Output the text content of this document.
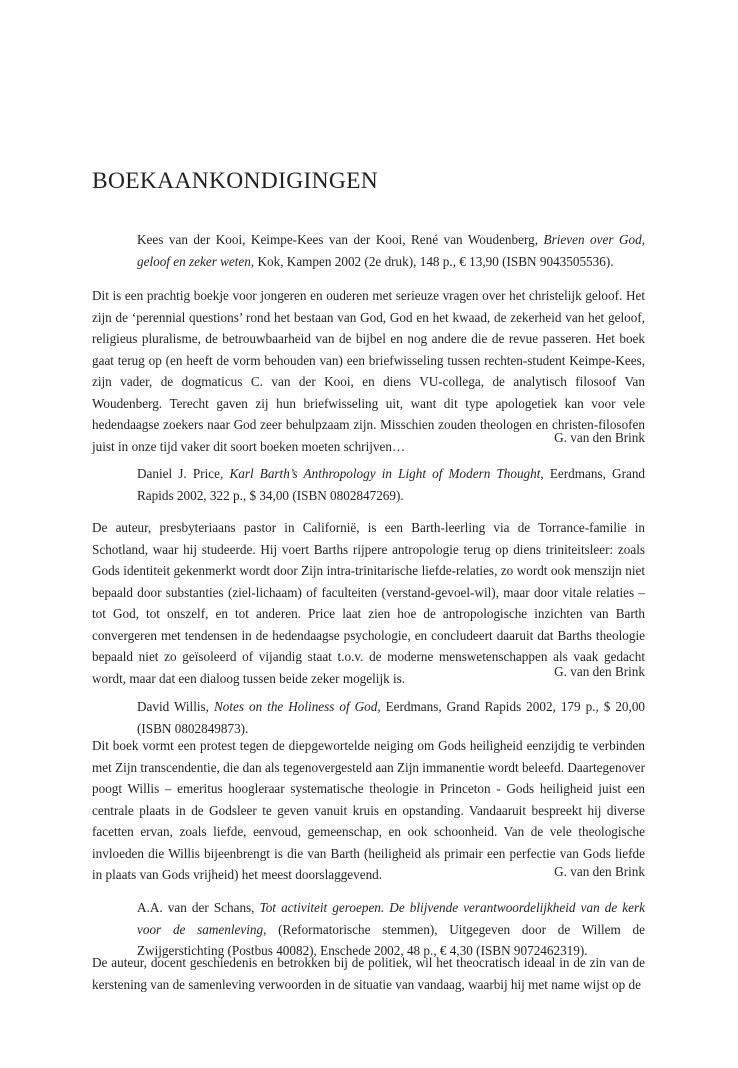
BOEKAANKONDIGINGEN

Kees van der Kooi, Keimpe-Kees van der Kooi, René van Woudenberg, Brieven over God, geloof en zeker weten, Kok, Kampen 2002 (2e druk), 148 p., € 13,90 (ISBN 9043505536).

Dit is een prachtig boekje voor jongeren en ouderen met serieuze vragen over het christelijk geloof. Het zijn de ‘perennial questions’ rond het bestaan van God, God en het kwaad, de zekerheid van het geloof, religieus pluralisme, de betrouwbaarheid van de bijbel en nog andere die de revue passeren. Het boek gaat terug op (en heeft de vorm behouden van) een briefwisseling tussen rechten-student Keimpe-Kees, zijn vader, de dogmaticus C. van der Kooi, en diens VU-collega, de analytisch filosoof Van Woudenberg. Terecht gaven zij hun briefwisseling uit, want dit type apologetiek kan voor vele hedendaagse zoekers naar God zeer behulpzaam zijn. Misschien zouden theologen en christen-filosofen juist in onze tijd vaker dit soort boeken moeten schrijven…

G. van den Brink

Daniel J. Price, Karl Barth’s Anthropology in Light of Modern Thought, Eerdmans, Grand Rapids 2002, 322 p., $ 34,00 (ISBN 0802847269).

De auteur, presbyteriaans pastor in Californië, is een Barth-leerling via de Torrance-familie in Schotland, waar hij studeerde. Hij voert Barths rijpere antropologie terug op diens triniteitsleer: zoals Gods identiteit gekenmerkt wordt door Zijn intra-trinitarische liefde-relaties, zo wordt ook menszijn niet bepaald door substanties (ziel-lichaam) of faculteiten (verstand-gevoel-wil), maar door vitale relaties – tot God, tot onszelf, en tot anderen. Price laat zien hoe de antropologische inzichten van Barth convergeren met tendensen in de hedendaagse psychologie, en concludeert daaruit dat Barths theologie bepaald niet zo geïsoleerd of vijandig staat t.o.v. de moderne menswetenschappen als vaak gedacht wordt, maar dat een dialoog tussen beide zeker mogelijk is.	G. van den Brink

David Willis, Notes on the Holiness of God, Eerdmans, Grand Rapids 2002, 179 p., $ 20,00 (ISBN 0802849873).

Dit boek vormt een protest tegen de diepgewortelde neiging om Gods heiligheid eenzijdig te verbinden met Zijn transcendentie, die dan als tegenovergesteld aan Zijn immanentie wordt beleefd. Daartegenover poogt Willis – emeritus hoogleraar systematische theologie in Princeton - Gods heiligheid juist een centrale plaats in de Godsleer te geven vanuit kruis en opstanding. Vandaaruit bespreekt hij diverse facetten ervan, zoals liefde, eenvoud, gemeenschap, en ook schoonheid. Van de vele theologische invloeden die Willis bijeenbrengt is die van Barth (heiligheid als primair een perfectie van Gods liefde in plaats van Gods vrijheid) het meest doorslaggevend.	G. van den Brink

A.A. van der Schans, Tot activiteit geroepen. De blijvende verantwoordelijkheid van de kerk voor de samenleving, (Reformatorische stemmen), Uitgegeven door de Willem de Zwijgerstichting (Postbus 40082), Enschede 2002, 48 p., € 4,30 (ISBN 9072462319).

De auteur, docent geschiedenis en betrokken bij de politiek, wil het theocratisch ideaal in de zin van de kerstening van de samenleving verwoorden in de situatie van vandaag, waarbij hij met name wijst op de
